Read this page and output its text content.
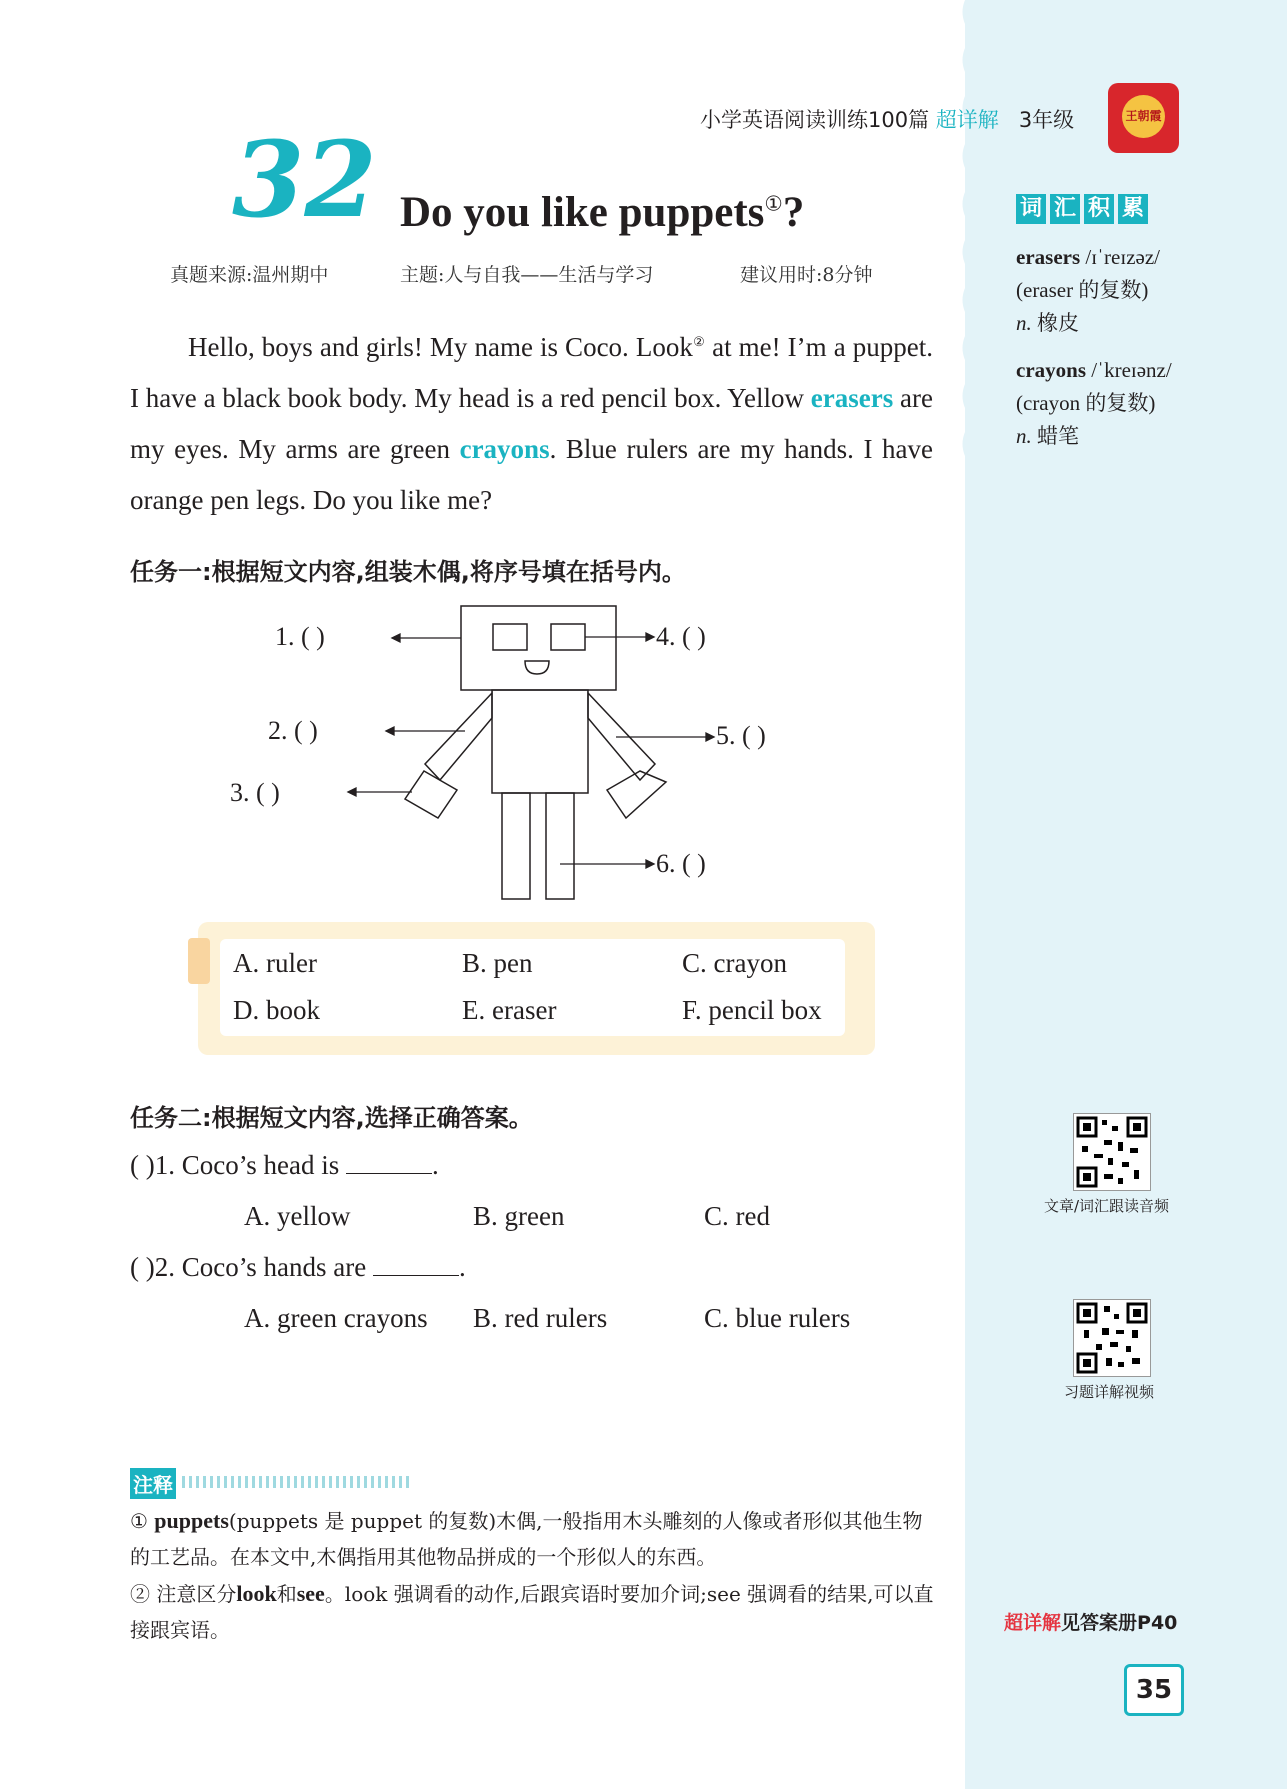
小学英语阅读训练100篇 超详解 3年级	王朝霞
32 Do you like puppets①?
真题来源:温州期中	主题:人与自我——生活与学习	建议用时:8分钟
Hello, boys and girls! My name is Coco. Look② at me! I’m a puppet. I have a black book body. My head is a red pencil box. Yellow erasers are my eyes. My arms are green crayons. Blue rulers are my hands. I have orange pen legs. Do you like me?
任务一:根据短文内容,组装木偶,将序号填在括号内。
1. ( )
2. ( )
3. ( )
4. ( )
5. ( )
6. ( )
A. ruler	B. pen	C. crayon
D. book	E. eraser	F. pencil box
任务二:根据短文内容,选择正确答案。
( )1. Coco’s head is	.
A. yellow	B. green	C. red
( )2. Coco’s hands are	.
A. green crayons B. red rulers	C. blue rulers
词 汇 积 累
erasers /ɪˈreɪzəz/
(eraser 的复数)
n. 橡皮
crayons /ˈkreɪənz/
(crayon 的复数)
n. 蜡笔
文章/词汇跟读音频
习题详解视频
注释
① puppets(puppets 是 puppet 的复数)木偶,一般指用木头雕刻的人像或者形似其他生物的工艺品。在本文中,木偶指用其他物品拼成的一个形似人的东西。
② 注意区分look和see。look 强调看的动作,后跟宾语时要加介词;see 强调看的结果,可以直接跟宾语。	超详解见答案册P40
35
